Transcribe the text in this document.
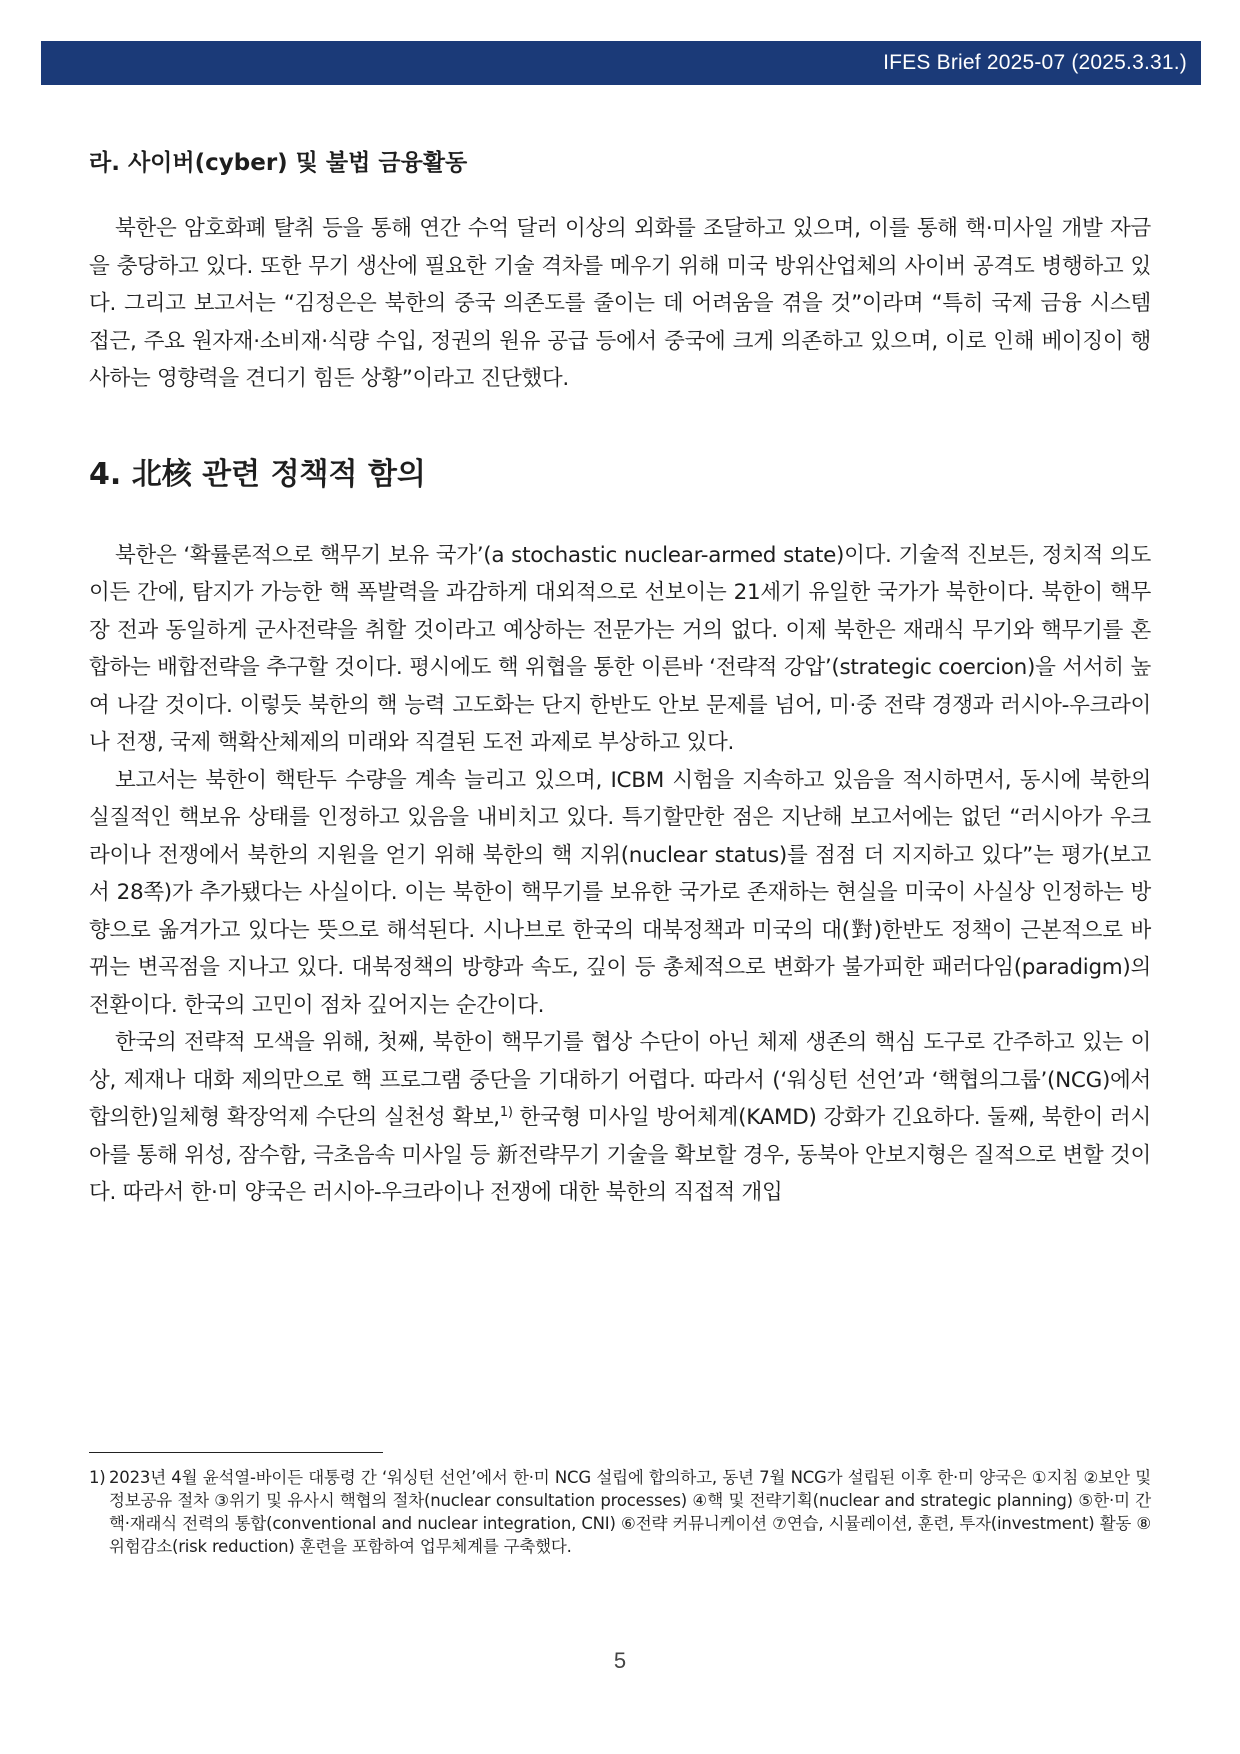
IFES Brief 2025-07 (2025.3.31.)
라. 사이버(cyber) 및 불법 금융활동

북한은 암호화폐 탈취 등을 통해 연간 수억 달러 이상의 외화를 조달하고 있으며, 이를 통해 핵·미사일 개발 자금을 충당하고 있다. 또한 무기 생산에 필요한 기술 격차를 메우기 위해 미국 방위산업체의 사이버 공격도 병행하고 있다. 그리고 보고서는 “김정은은 북한의 중국 의존도를 줄이는 데 어려움을 겪을 것”이라며 “특히 국제 금융 시스템 접근, 주요 원자재·소비재·식량 수입, 정권의 원유 공급 등에서 중국에 크게 의존하고 있으며, 이로 인해 베이징이 행사하는 영향력을 견디기 힘든 상황”이라고 진단했다.

4. 北核 관련 정책적 함의

북한은 ‘확률론적으로 핵무기 보유 국가’(a stochastic nuclear-armed state)이다. 기술적 진보든, 정치적 의도이든 간에, 탐지가 가능한 핵 폭발력을 과감하게 대외적으로 선보이는 21세기 유일한 국가가 북한이다. 북한이 핵무장 전과 동일하게 군사전략을 취할 것이라고 예상하는 전문가는 거의 없다. 이제 북한은 재래식 무기와 핵무기를 혼합하는 배합전략을 추구할 것이다. 평시에도 핵 위협을 통한 이른바 ‘전략적 강압’(strategic coercion)을 서서히 높여 나갈 것이다. 이렇듯 북한의 핵 능력 고도화는 단지 한반도 안보 문제를 넘어, 미·중 전략 경쟁과 러시아-우크라이나 전쟁, 국제 핵확산체제의 미래와 직결된 도전 과제로 부상하고 있다.

보고서는 북한이 핵탄두 수량을 계속 늘리고 있으며, ICBM 시험을 지속하고 있음을 적시하면서, 동시에 북한의 실질적인 핵보유 상태를 인정하고 있음을 내비치고 있다. 특기할만한 점은 지난해 보고서에는 없던 “러시아가 우크라이나 전쟁에서 북한의 지원을 얻기 위해 북한의 핵 지위(nuclear status)를 점점 더 지지하고 있다”는 평가(보고서 28쪽)가 추가됐다는 사실이다. 이는 북한이 핵무기를 보유한 국가로 존재하는 현실을 미국이 사실상 인정하는 방향으로 옮겨가고 있다는 뜻으로 해석된다. 시나브로 한국의 대북정책과 미국의 대(對)한반도 정책이 근본적으로 바뀌는 변곡점을 지나고 있다. 대북정책의 방향과 속도, 깊이 등 총체적으로 변화가 불가피한 패러다임(paradigm)의 전환이다. 한국의 고민이 점차 깊어지는 순간이다.

한국의 전략적 모색을 위해, 첫째, 북한이 핵무기를 협상 수단이 아닌 체제 생존의 핵심 도구로 간주하고 있는 이상, 제재나 대화 제의만으로 핵 프로그램 중단을 기대하기 어렵다. 따라서 (‘워싱턴 선언’과 ‘핵협의그룹’(NCG)에서 합의한)일체형 확장억제 수단의 실천성 확보,$^{1)}$ 한국형 미사일 방어체계(KAMD) 강화가 긴요하다. 둘째, 북한이 러시아를 통해 위성, 잠수함, 극초음속 미사일 등 新전략무기 기술을 확보할 경우, 동북아 안보지형은 질적으로 변할 것이다. 따라서 한·미 양국은 러시아-우크라이나 전쟁에 대한 북한의 직접적 개입

1) 2023년 4월 윤석열-바이든 대통령 간 ‘워싱턴 선언’에서 한·미 NCG 설립에 합의하고, 동년 7월 NCG가 설립된 이후 한·미 양국은 ①지침 ②보안 및 정보공유 절차 ③위기 및 유사시 핵협의 절차(nuclear consultation processes) ④핵 및 전략기획(nuclear and strategic planning) ⑤한·미 간 핵·재래식 전력의 통합(conventional and nuclear integration, CNI) ⑥전략 커뮤니케이션 ⑦연습, 시뮬레이션, 훈련, 투자(investment) 활동 ⑧위험감소(risk reduction) 훈련을 포함하여 업무체계를 구축했다.
5
